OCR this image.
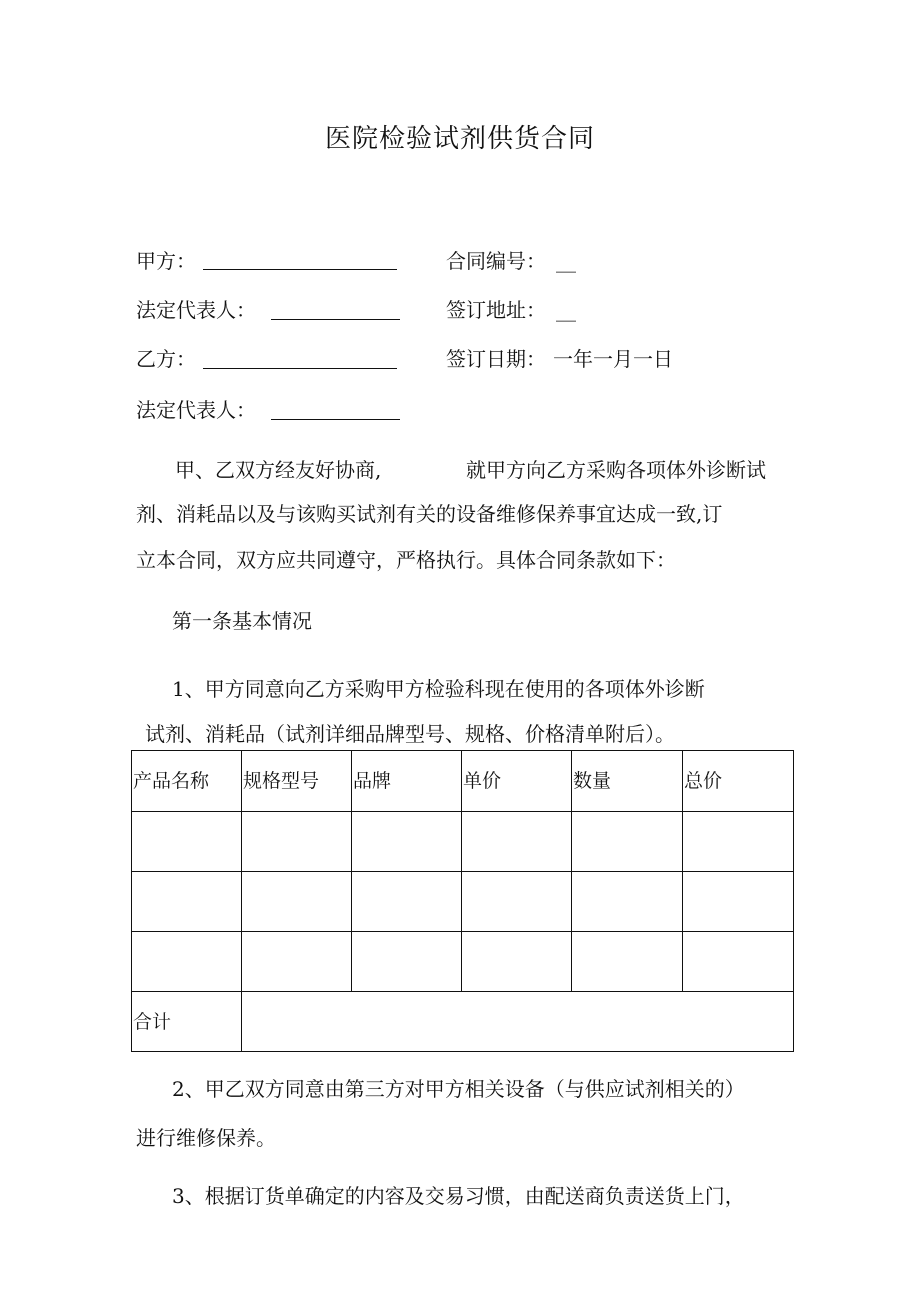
医院检验试剂供货合同
甲方：	合同编号： __
法定代表人：	签订地址： __
乙方：	签订日期： 一年一月一日
法定代表人：
甲、乙双方经友好协商,	就甲方向乙方采购各项体外诊断试
剂、消耗品以及与该购买试剂有关的设备维修保养事宜达成一致,订
立本合同，双方应共同遵守，严格执行。具体合同条款如下：
第一条基本情况
1、甲方同意向乙方采购甲方检验科现在使用的各项体外诊断
试剂、消耗品（试剂详细品牌型号、规格、价格清单附后）。
产品名称	规格型号	品牌	单价	数量	总价

合计					
2、甲乙双方同意由第三方对甲方相关设备（与供应试剂相关的）
进行维修保养。
3、根据订货单确定的内容及交易习惯，由配送商负责送货上门，
